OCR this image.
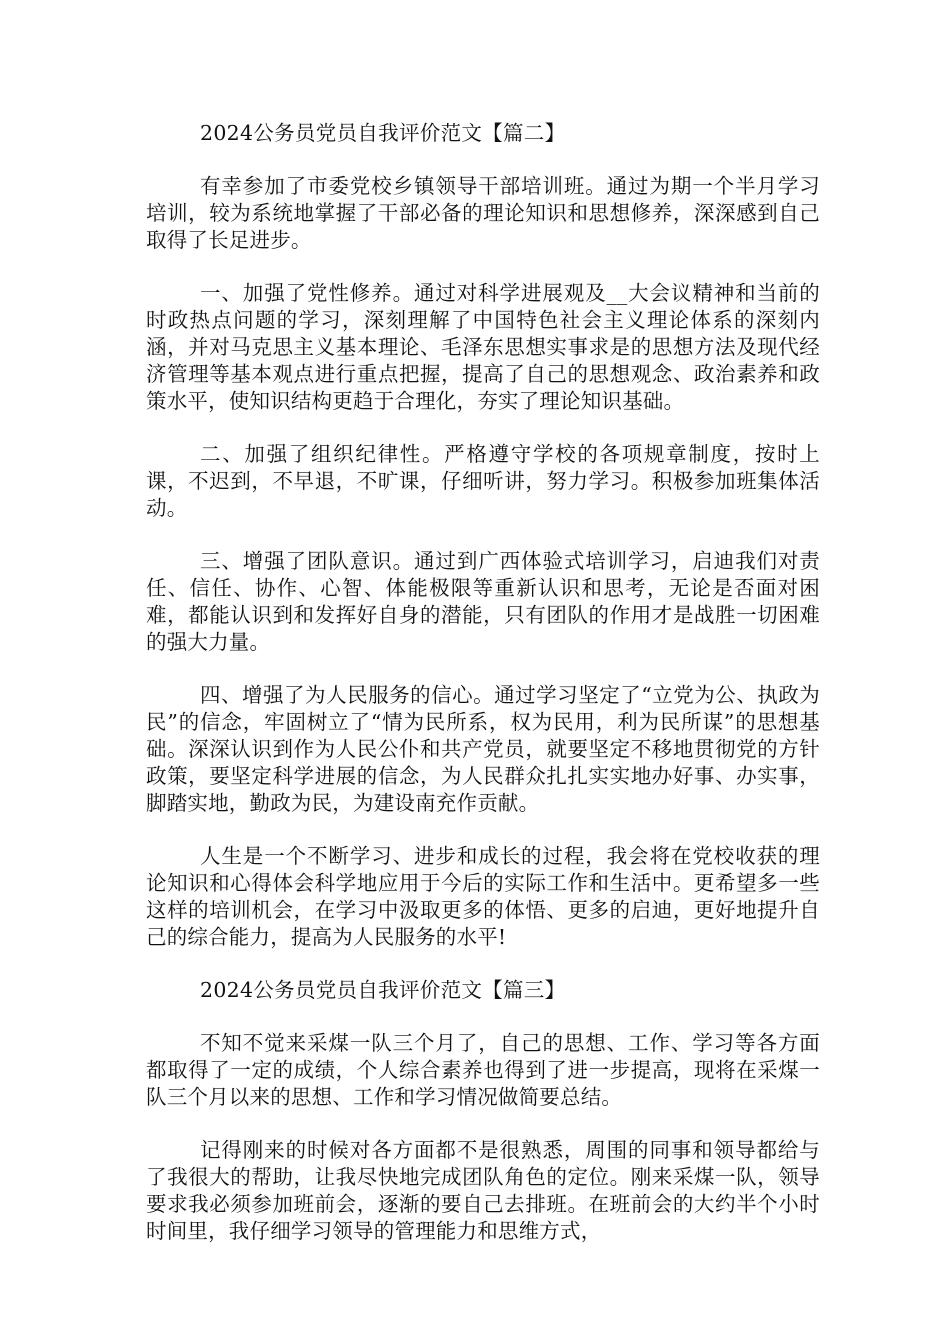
2024公务员党员自我评价范文【篇二】

有幸参加了市委党校乡镇领导干部培训班。通过为期一个半月学习培训，较为系统地掌握了干部必备的理论知识和思想修养，深深感到自己取得了长足进步。

一、加强了党性修养。通过对科学进展观及__大会议精神和当前的时政热点问题的学习，深刻理解了中国特色社会主义理论体系的深刻内涵，并对马克思主义基本理论、毛泽东思想实事求是的思想方法及现代经济管理等基本观点进行重点把握，提高了自己的思想观念、政治素养和政策水平，使知识结构更趋于合理化，夯实了理论知识基础。

二、加强了组织纪律性。严格遵守学校的各项规章制度，按时上课，不迟到，不早退，不旷课，仔细听讲，努力学习。积极参加班集体活动。

三、增强了团队意识。通过到广西体验式培训学习，启迪我们对责任、信任、协作、心智、体能极限等重新认识和思考，无论是否面对困难，都能认识到和发挥好自身的潜能，只有团队的作用才是战胜一切困难的强大力量。

四、增强了为人民服务的信心。通过学习坚定了“立党为公、执政为民”的信念，牢固树立了“情为民所系，权为民用，利为民所谋”的思想基础。深深认识到作为人民公仆和共产党员，就要坚定不移地贯彻党的方针政策，要坚定科学进展的信念，为人民群众扎扎实实地办好事、办实事，脚踏实地，勤政为民，为建设南充作贡献。

人生是一个不断学习、进步和成长的过程，我会将在党校收获的理论知识和心得体会科学地应用于今后的实际工作和生活中。更希望多一些这样的培训机会，在学习中汲取更多的体悟、更多的启迪，更好地提升自己的综合能力，提高为人民服务的水平!

2024公务员党员自我评价范文【篇三】

不知不觉来采煤一队三个月了，自己的思想、工作、学习等各方面都取得了一定的成绩，个人综合素养也得到了进一步提高，现将在采煤一队三个月以来的思想、工作和学习情况做简要总结。

记得刚来的时候对各方面都不是很熟悉，周围的同事和领导都给与了我很大的帮助，让我尽快地完成团队角色的定位。刚来采煤一队，领导要求我必须参加班前会，逐渐的要自己去排班。在班前会的大约半个小时时间里，我仔细学习领导的管理能力和思维方式，
